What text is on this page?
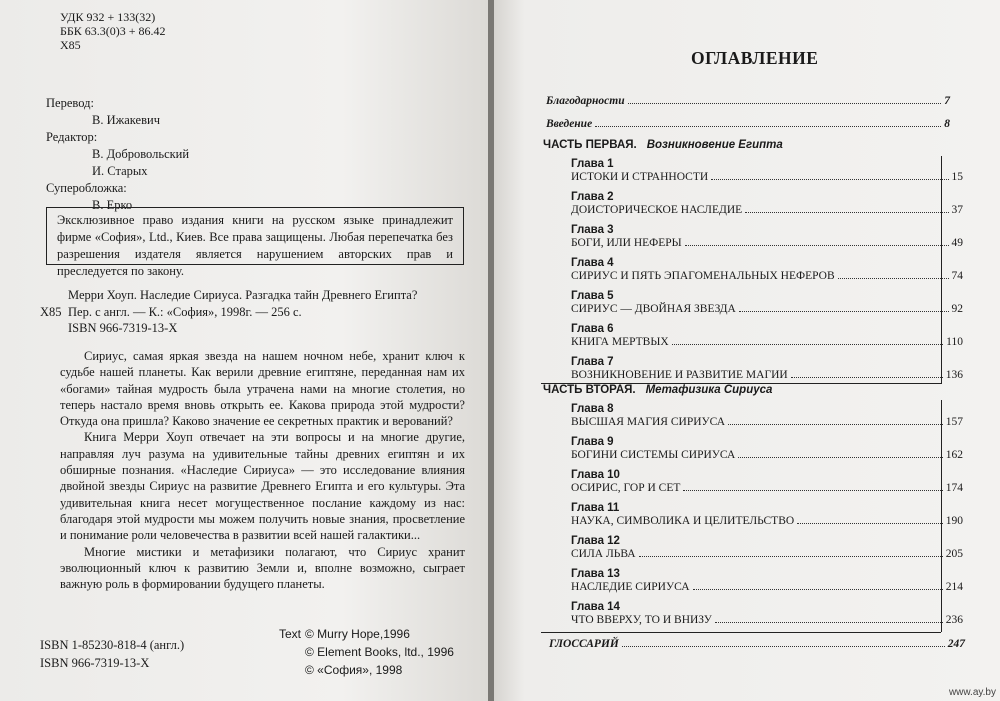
УДК 932 + 133(32)
ББК 63.3(0)3 + 86.42
Х85
Перевод:
В. Ижакевич
Редактор:
В. Добровольский
И. Старых
Суперобложка:
В. Ерко
Эксклюзивное право издания книги на русском языке принадлежит фирме «София», Ltd., Киев. Все права защищены. Любая перепечатка без разрешения издателя является нарушением авторских прав и преследуется по закону.
Мерри Хоуп. Наследие Сириуса. Разгадка тайн Древнего Египта?
Х85 Пер. с англ. — К.: «София», 1998г. — 256 с.
ISBN 966-7319-13-X

Сириус, самая яркая звезда на нашем ночном небе, хранит ключ к судьбе нашей планеты. Как верили древние египтяне, переданная нам их «богами» тайная мудрость была утрачена нами на многие столетия, но теперь настало время вновь открыть ее. Какова природа этой мудрости? Откуда она пришла? Каково значение ее секретных практик и верований?

Книга Мерри Хоуп отвечает на эти вопросы и на многие другие, направляя луч разума на удивительные тайны древних египтян и их обширные познания. «Наследие Сириуса» — это исследование влияния двойной звезды Сириус на развитие Древнего Египта и его культуры. Эта удивительная книга несет могущественное послание каждому из нас: благодаря этой мудрости мы можем получить новые знания, просветление и понимание роли человечества в развитии всей нашей галактики...

Многие мистики и метафизики полагают, что Сириус хранит эволюционный ключ к развитию Земли и, вполне возможно, сыграет важную роль в формировании будущего планеты.

ISBN 1-85230-818-4 (англ.)
ISBN 966-7319-13-X
Text © Murry Hope,1996
© Element Books, ltd., 1996
© «София», 1998
ОГЛАВЛЕНИЕ
Благодарности	7
Введение	8
ЧАСТЬ ПЕРВАЯ. Возникновение Египта
Глава 1
ИСТОКИ И СТРАННОСТИ	15
Глава 2
ДОИСТОРИЧЕСКОЕ НАСЛЕДИЕ	37
Глава 3
БОГИ, ИЛИ НЕФЕРЫ	49
Глава 4
СИРИУС И ПЯТЬ ЭПАГОМЕНАЛЬНЫХ НЕФЕРОВ	74
Глава 5
СИРИУС — ДВОЙНАЯ ЗВЕЗДА	92
Глава 6
КНИГА МЕРТВЫХ	110
Глава 7
ВОЗНИКНОВЕНИЕ И РАЗВИТИЕ МАГИИ	136
ЧАСТЬ ВТОРАЯ. Метафизика Сириуса
Глава 8
ВЫСШАЯ МАГИЯ СИРИУСА	157
Глава 9
БОГИНИ СИСТЕМЫ СИРИУСА	162
Глава 10
ОСИРИС, ГОР И СЕТ	174
Глава 11
НАУКА, СИМВОЛИКА И ЦЕЛИТЕЛЬСТВО	190
Глава 12
СИЛА ЛЬВА	205
Глава 13
НАСЛЕДИЕ СИРИУСА	214
Глава 14
ЧТО ВВЕРХУ, ТО И ВНИЗУ	236
ГЛОССАРИЙ	247
www.ay.by
